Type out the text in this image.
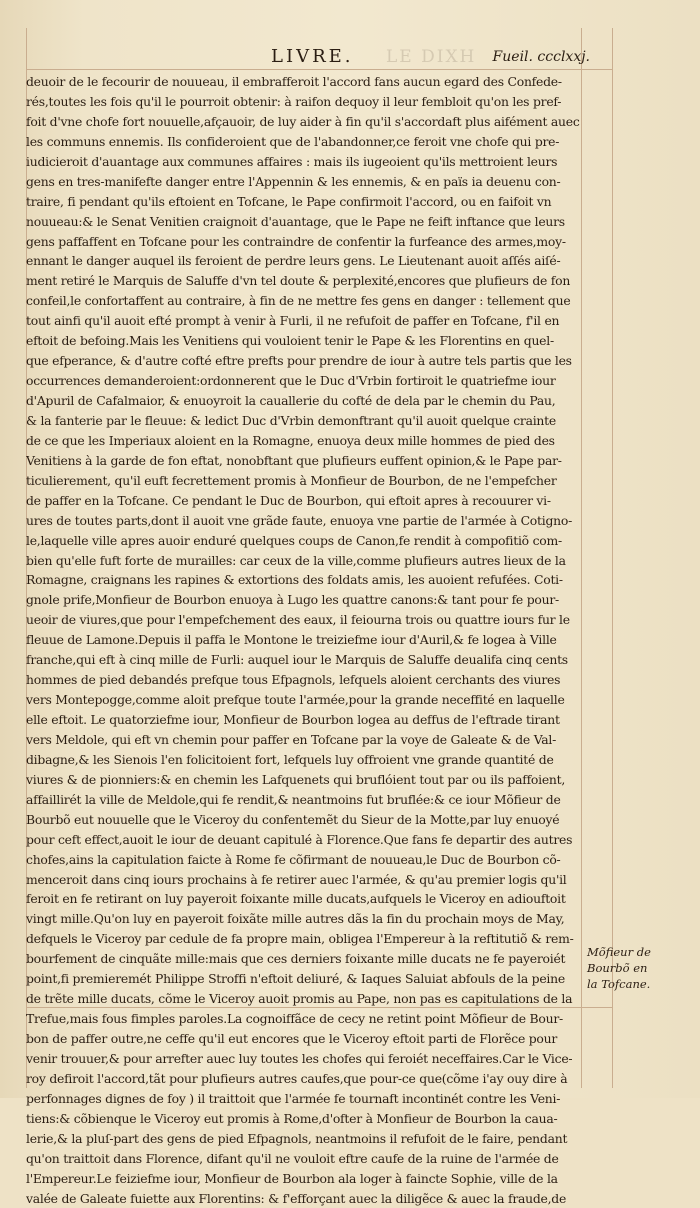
LIVRE. LE DIXH Fueil. ccclxxj.
deuoir de le fecourir de nouueau, il embrafferoit l'accord fans aucun egard des Confede-
rés,toutes les fois qu'il le pourroit obtenir: à raifon dequoy il leur fembloit qu'on les pref-
foit d'vne chofe fort nouuelle,afçauoir, de luy aider à fin qu'il s'accordaft plus aifément auec
les communs ennemis. Ils confideroient que de l'abandonner,ce feroit vne chofe qui pre-
iudicieroit d'auantage aux communes affaires : mais ils iugeoient qu'ils mettroient leurs
gens en tres-manifefte danger entre l'Appennin & les ennemis, & en païs ia deuenu con-
traire, fi pendant qu'ils eftoient en Tofcane, le Pape confirmoit l'accord, ou en faifoit vn
nouueau:& le Senat Venitien craignoit d'auantage, que le Pape ne feift inftance que leurs
gens paffaffent en Tofcane pour les contraindre de confentir la furfeance des armes,moy-
ennant le danger auquel ils feroient de perdre leurs gens. Le Lieutenant auoit aſſés aiſé-
ment retiré le Marquis de Saluffe d'vn tel doute & perplexité,encores que plufieurs de fon
confeil,le confortaffent au contraire, à fin de ne mettre fes gens en danger : tellement que
tout ainfi qu'il auoit efté prompt à venir à Furli, il ne refufoit de paffer en Tofcane, f'il en
eftoit de befoing.Mais les Venitiens qui vouloient tenir le Pape & les Florentins en quel-
que efperance, & d'autre cofté eftre prefts pour prendre de iour à autre tels partis que les
occurrences demanderoient:ordonnerent que le Duc d'Vrbin fortiroit le quatriefme iour
d'Apuril de Cafalmaior, & enuoyroit la cauallerie du cofté de dela par le chemin du Pau,
& la fanterie par le fleuue: & ledict Duc d'Vrbin demonftrant qu'il auoit quelque crainte
de ce que les Imperiaux aloient en la Romagne, enuoya deux mille hommes de pied des
Venitiens à la garde de fon eftat, nonobftant que plufieurs euffent opinion,& le Pape par-
ticulierement, qu'il euft fecrettement promis à Monfieur de Bourbon, de ne l'empefcher
de paffer en la Tofcane. Ce pendant le Duc de Bourbon, qui eftoit apres à recouurer vi-
ures de toutes parts,dont il auoit vne grãde faute, enuoya vne partie de l'armée à Cotigno-
le,laquelle ville apres auoir enduré quelques coups de Canon,fe rendit à compofitiõ com-
bien qu'elle fuft forte de murailles: car ceux de la ville,comme plufieurs autres lieux de la
Romagne, craignans les rapines & extortions des foldats amis, les auoient refufées. Coti-
gnole prife,Monfieur de Bourbon enuoya à Lugo les quattre canons:& tant pour fe pour-
ueoir de viures,que pour l'empefchement des eaux, il feiourna trois ou quattre iours fur le
fleuue de Lamone.Depuis il paffa le Montone le treiziefme iour d'Auril,& fe logea à Ville
franche,qui eft à cinq mille de Furli: auquel iour le Marquis de Saluffe deualifa cinq cents
hommes de pied debandés prefque tous Efpagnols, lefquels aloient cerchants des viures
vers Montepogge,comme aloit prefque toute l'armée,pour la grande neceffité en laquelle
elle eftoit. Le quatorziefme iour, Monfieur de Bourbon logea au deffus de l'eftrade tirant
vers Meldole, qui eft vn chemin pour paffer en Tofcane par la voye de Galeate & de Val-
dibagne,& les Sienois l'en folicitoient fort, lefquels luy offroient vne grande quantité de
viures & de pionniers:& en chemin les Lafquenets qui bruflóient tout par ou ils paffoient,
affaillirét la ville de Meldole,qui fe rendit,& neantmoins fut bruflée:& ce iour Mõfieur de
Bourbõ eut nouuelle que le Viceroy du confentemẽt du Sieur de la Motte,par luy enuoyé
pour ceft effect,auoit le iour de deuant capitulé à Florence.Que fans fe departir des autres
chofes,ains la capitulation faicte à Rome fe cõfirmant de nouueau,le Duc de Bourbon cõ-
menceroit dans cinq iours prochains à fe retirer auec l'armée, & qu'au premier logis qu'il
feroit en fe retirant on luy payeroit foixante mille ducats,aufquels le Viceroy en adiouftoit
vingt mille.Qu'on luy en payeroit foixãte mille autres dãs la fin du prochain moys de May,
defquels le Viceroy par cedule de fa propre main, obligea l'Empereur à la reftitutiõ & rem-
bourfement de cinquãte mille:mais que ces derniers foixante mille ducats ne fe payeroiét
point,fi premieremét Philippe Stroffi n'eftoit deliuré, & Iaques Saluiat abfouls de la peine
de trẽte mille ducats, cõme le Viceroy auoit promis au Pape, non pas es capitulations de la
Trefue,mais fous fimples paroles.La cognoiffãce de cecy ne retint point Mõfieur de Bour-
bon de paffer outre,ne ceffe qu'il eut encores que le Viceroy eftoit parti de Florẽce pour
venir trouuer,& pour arrefter auec luy toutes les chofes qui feroiét neceffaires.Car le Vice-
roy defiroit l'accord,tãt pour plufieurs autres caufes,que pour-ce que(cõme i'ay ouy dire à
perfonnages dignes de foy ) il traittoit que l'armée fe tournaft incontinét contre les Veni-
tiens:& cõbienque le Viceroy eut promis à Rome,d'ofter à Monfieur de Bourbon la caua-
lerie,& la pluſ-part des gens de pied Efpagnols, neantmoins il refufoit de le faire, pendant
qu'on traittoit dans Florence, difant qu'il ne vouloit eftre caufe de la ruine de l'armée de
l'Empereur.Le feiziefme iour, Monfieur de Bourbon ala loger à faincte Sophie, ville de la
valée de Galeate fuiette aux Florentins: & f'efforçant auec la diligẽce & auec la fraude,de
Mõfieur de
Bourbõ en
la Tofcane.
